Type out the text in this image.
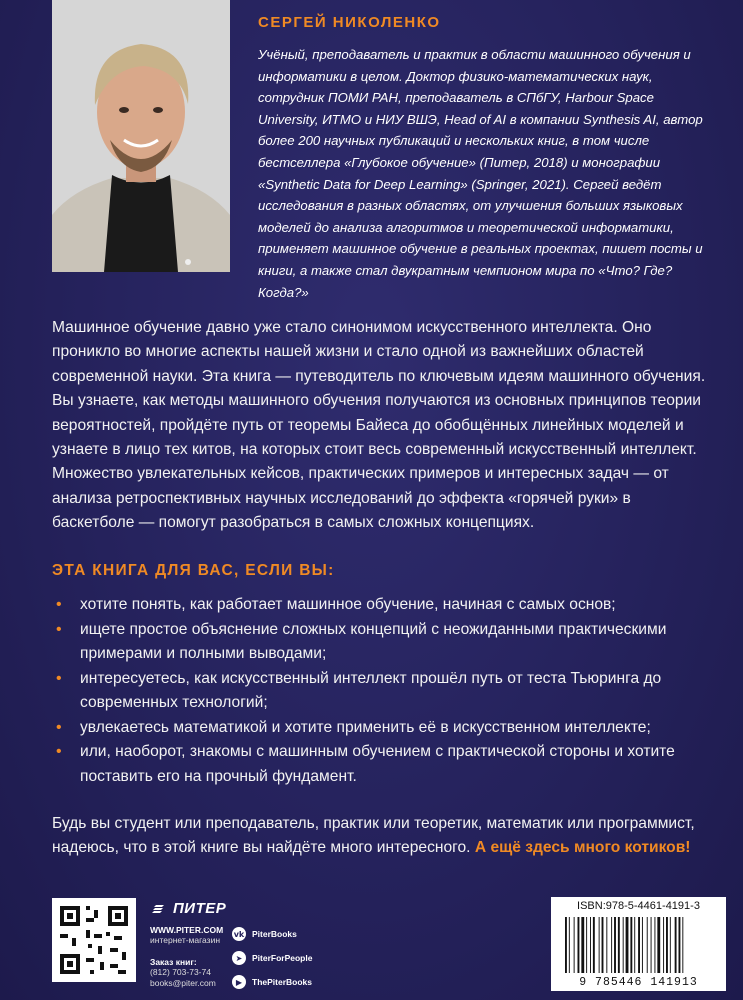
СЕРГЕЙ НИКОЛЕНКО
Учёный, преподаватель и практик в области машинного обучения и информатики в целом. Доктор физико-математических наук, сотрудник ПОМИ РАН, преподаватель в СПбГУ, Harbour Space University, ИТМО и НИУ ВШЭ, Head of AI в компании Synthesis AI, автор более 200 научных публикаций и нескольких книг, в том числе бестселлера «Глубокое обучение» (Питер, 2018) и монографии «Synthetic Data for Deep Learning» (Springer, 2021). Сергей ведёт исследования в разных областях, от улучшения больших языковых моделей до анализа алгоритмов и теоретической информатики, применяет машинное обучение в реальных проектах, пишет посты и книги, а также стал двукратным чемпионом мира по «Что? Где? Когда?»
Машинное обучение давно уже стало синонимом искусственного интеллекта. Оно проникло во многие аспекты нашей жизни и стало одной из важнейших областей современной науки. Эта книга — путеводитель по ключевым идеям машинного обучения. Вы узнаете, как методы машинного обучения получаются из основных принципов теории вероятностей, пройдёте путь от теоремы Байеса до обобщённых линейных моделей и узнаете в лицо тех китов, на которых стоит весь современный искусственный интеллект. Множество увлекательных кейсов, практических примеров и интересных задач — от анализа ретроспективных научных исследований до эффекта «горячей руки» в баскетболе — помогут разобраться в самых сложных концепциях.
ЭТА КНИГА ДЛЯ ВАС, ЕСЛИ ВЫ:
• хотите понять, как работает машинное обучение, начиная с самых основ;
• ищете простое объяснение сложных концепций с неожиданными практическими примерами и полными выводами;
• интересуетесь, как искусственный интеллект прошёл путь от теста Тьюринга до современных технологий;
• увлекаетесь математикой и хотите применить её в искусственном интеллекте;
• или, наоборот, знакомы с машинным обучением с практической стороны и хотите поставить его на прочный фундамент.
Будь вы студент или преподаватель, практик или теоретик, математик или программист, надеюсь, что в этой книге вы найдёте много интересного. А ещё здесь много котиков!
ПИТЕР
WWW.PITER.COM
интернет-магазин
Заказ книг:
(812) 703-73-74
books@piter.com
vk PiterBooks
➤	PiterForPeople
▶	ThePiterBooks
ISBN:978-5-4461-4191-3
9 785446 141913
